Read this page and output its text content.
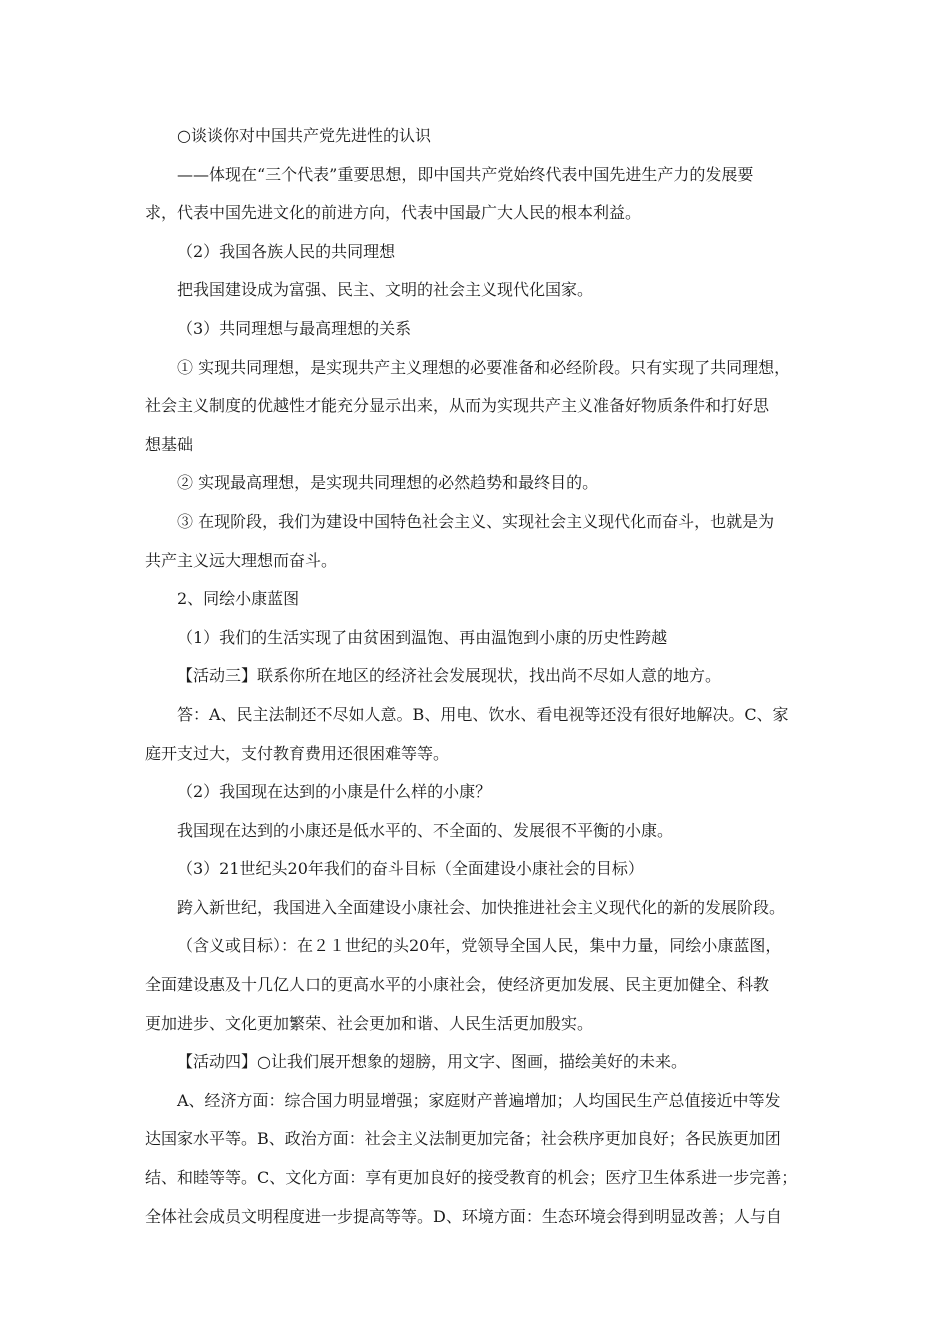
○谈谈你对中国共产党先进性的认识
——体现在“三个代表”重要思想，即中国共产党始终代表中国先进生产力的发展要
求，代表中国先进文化的前进方向，代表中国最广大人民的根本利益。
（2）我国各族人民的共同理想
把我国建设成为富强、民主、文明的社会主义现代化国家。
（3）共同理想与最高理想的关系
① 实现共同理想，是实现共产主义理想的必要准备和必经阶段。只有实现了共同理想，
社会主义制度的优越性才能充分显示出来，从而为实现共产主义准备好物质条件和打好思
想基础
② 实现最高理想，是实现共同理想的必然趋势和最终目的。
③ 在现阶段，我们为建设中国特色社会主义、实现社会主义现代化而奋斗，也就是为
共产主义远大理想而奋斗。
2、同绘小康蓝图
（1）我们的生活实现了由贫困到温饱、再由温饱到小康的历史性跨越
【活动三】联系你所在地区的经济社会发展现状，找出尚不尽如人意的地方。
答：A、民主法制还不尽如人意。B、用电、饮水、看电视等还没有很好地解决。C、家
庭开支过大，支付教育费用还很困难等等。
（2）我国现在达到的小康是什么样的小康？
我国现在达到的小康还是低水平的、不全面的、发展很不平衡的小康。
（3）21世纪头20年我们的奋斗目标（全面建设小康社会的目标）
跨入新世纪，我国进入全面建设小康社会、加快推进社会主义现代化的新的发展阶段。
（含义或目标）：在２１世纪的头20年，党领导全国人民，集中力量，同绘小康蓝图，
全面建设惠及十几亿人口的更高水平的小康社会，使经济更加发展、民主更加健全、科教
更加进步、文化更加繁荣、社会更加和谐、人民生活更加殷实。
【活动四】○让我们展开想象的翅膀，用文字、图画，描绘美好的未来。
A、经济方面：综合国力明显增强；家庭财产普遍增加；人均国民生产总值接近中等发
达国家水平等。B、政治方面：社会主义法制更加完备；社会秩序更加良好；各民族更加团
结、和睦等等。C、文化方面：享有更加良好的接受教育的机会；医疗卫生体系进一步完善；
全体社会成员文明程度进一步提高等等。D、环境方面：生态环境会得到明显改善；人与自
